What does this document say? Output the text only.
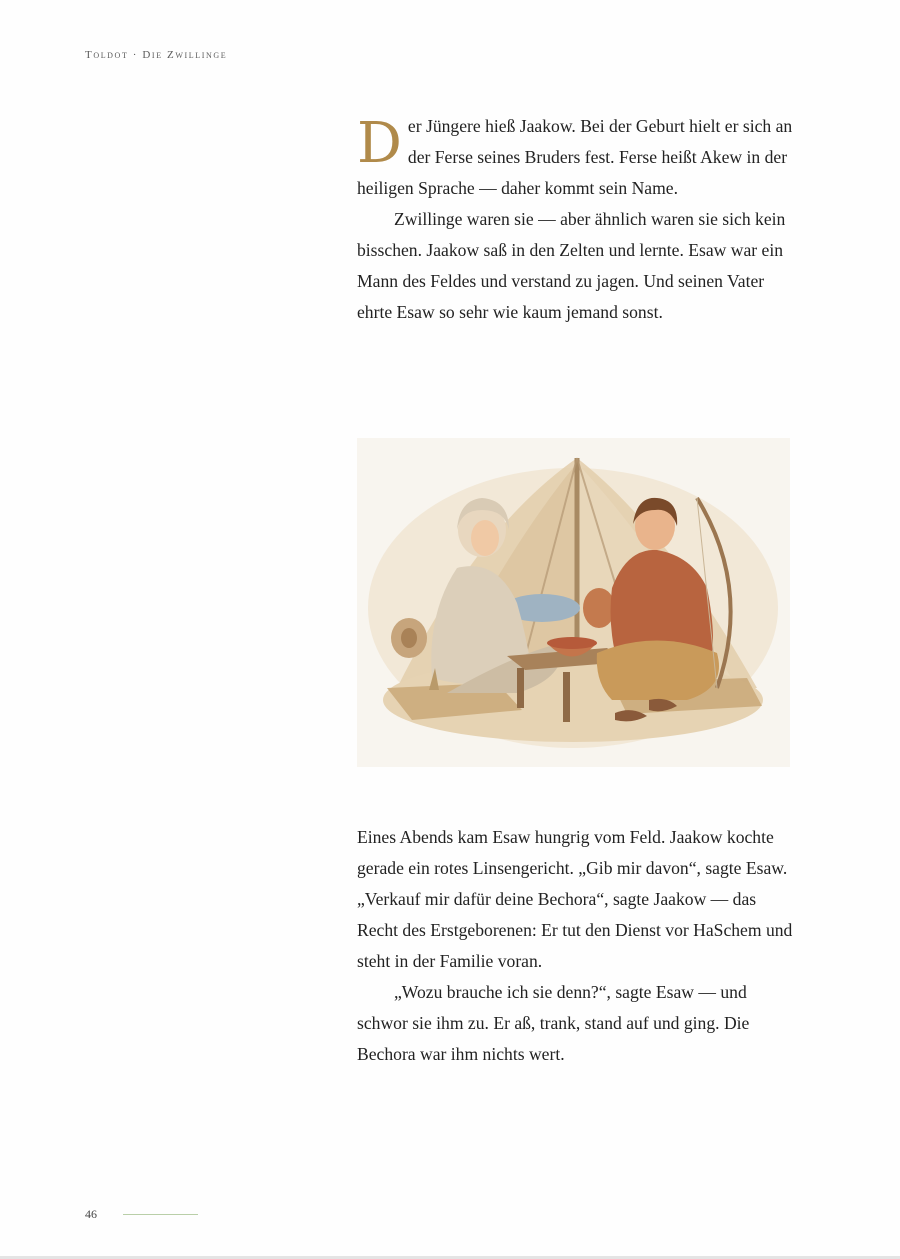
Toldot · Die Zwillinge

Der Jüngere hieß Jaakow. Bei der Geburt hielt er sich an der Ferse seines Bruders fest. Ferse heißt Akew in der heiligen Sprache — daher kommt sein Name.

Zwillinge waren sie — aber ähnlich waren sie sich kein bisschen. Jaakow saß in den Zelten und lernte. Esaw war ein Mann des Feldes und verstand zu jagen. Und seinen Vater ehrte Esaw so sehr wie kaum jemand sonst.

Eines Abends kam Esaw hungrig vom Feld. Jaakow kochte gerade ein rotes Linsengericht. „Gib mir davon“, sagte Esaw. „Verkauf mir dafür deine Bechora“, sagte Jaakow — das Recht des Erstgeborenen: Er tut den Dienst vor HaSchem und steht in der Familie voran.

„Wozu brauche ich sie denn?“, sagte Esaw — und schwor sie ihm zu. Er aß, trank, stand auf und ging. Die Bechora war ihm nichts wert.

46
